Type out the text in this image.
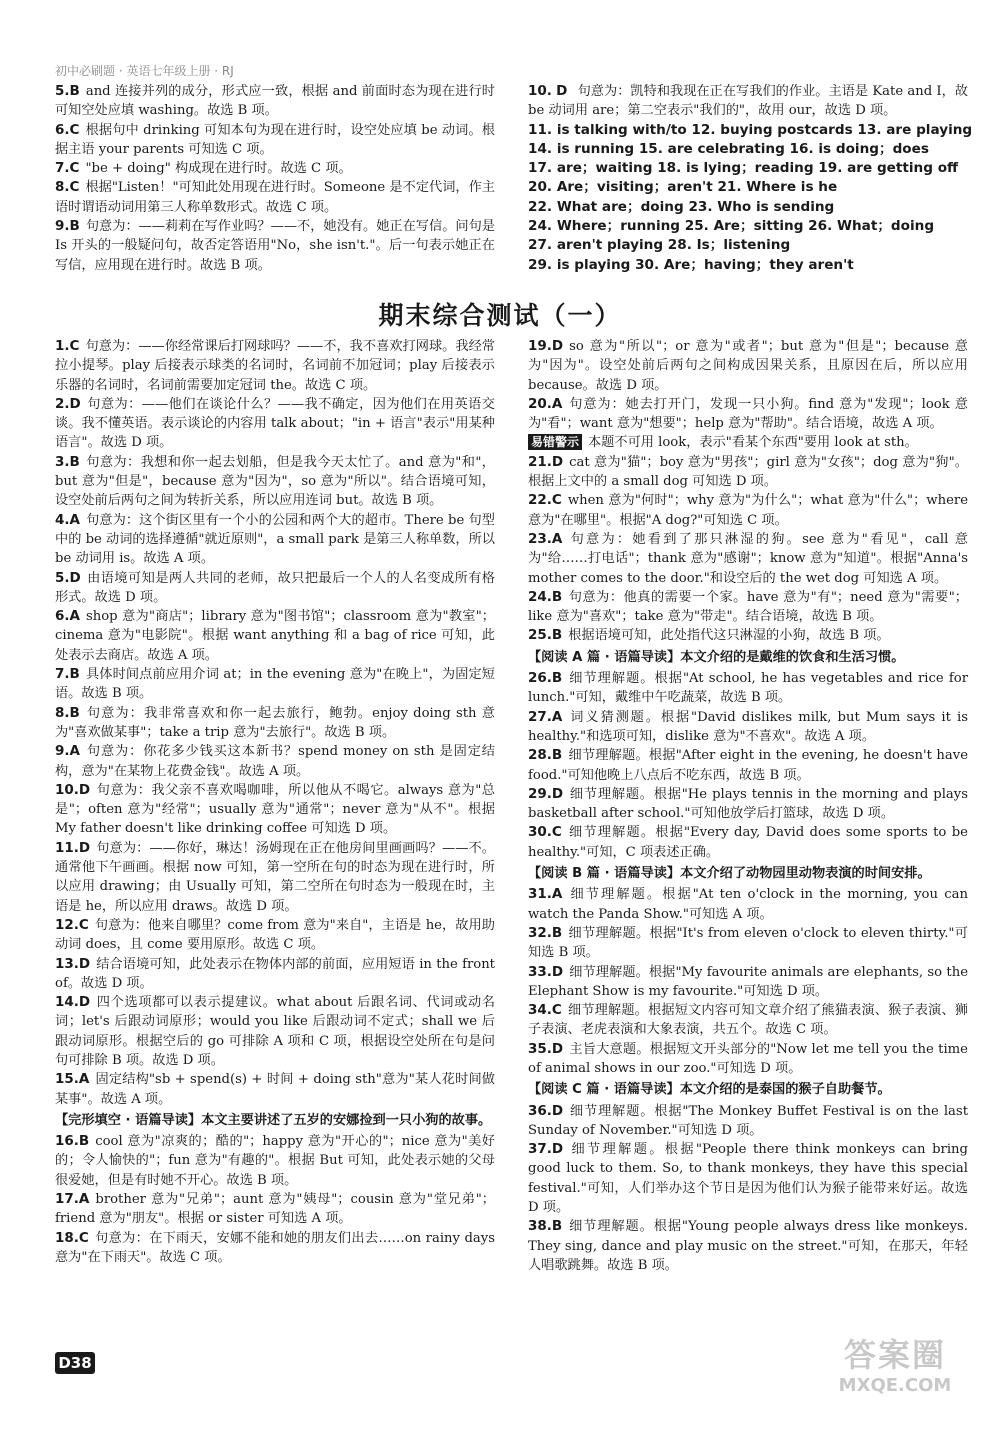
初中必刷题 · 英语七年级上册 · RJ
5.B and 连接并列的成分，形式应一致，根据 and 前面时态为现在进行时可知空处应填 washing。故选 B 项。
6.C 根据句中 drinking 可知本句为现在进行时，设空处应填 be 动词。根据主语 your parents 可知选 C 项。
7.C "be + doing" 构成现在进行时。故选 C 项。
8.C 根据"Listen！"可知此处用现在进行时。Someone 是不定代词，作主语时谓语动词用第三人称单数形式。故选 C 项。
9.B 句意为：——莉莉在写作业吗？——不，她没有。她正在写信。问句是 Is 开头的一般疑问句，故否定答语用"No，she isn't."。后一句表示她正在写信，应用现在进行时。故选 B 项。
10. D 句意为：凯特和我现在正在写我们的作业。主语是 Kate and I，故 be 动词用 are；第二空表示"我们的"，故用 our，故选 D 项。
11. is talking with/to 12. buying postcards 13. are playing
14. is running 15. are celebrating 16. is doing；does
17. are；waiting 18. is lying；reading 19. are getting off
20. Are；visiting；aren't 21. Where is he
22. What are；doing 23. Who is sending
24. Where；running 25. Are；sitting 26. What；doing
27. aren't playing 28. Is；listening
29. is playing 30. Are；having；they aren't
期末综合测试（一）
1.C 句意为：——你经常课后打网球吗？——不，我不喜欢打网球。我经常拉小提琴。play 后接表示球类的名词时，名词前不加冠词；play 后接表示乐器的名词时，名词前需要加定冠词 the。故选 C 项。
2.D 句意为：——他们在谈论什么？——我不确定，因为他们在用英语交谈。我不懂英语。表示谈论的内容用 talk about；"in + 语言"表示"用某种语言"。故选 D 项。
3.B 句意为：我想和你一起去划船，但是我今天太忙了。and 意为"和"，but 意为"但是"，because 意为"因为"，so 意为"所以"。结合语境可知，设空处前后两句之间为转折关系，所以应用连词 but。故选 B 项。
4.A 句意为：这个街区里有一个小的公园和两个大的超市。There be 句型中的 be 动词的选择遵循"就近原则"，a small park 是第三人称单数，所以 be 动词用 is。故选 A 项。
5.D 由语境可知是两人共同的老师，故只把最后一个人的人名变成所有格形式。故选 D 项。
6.A shop 意为"商店"；library 意为"图书馆"；classroom 意为"教室"；cinema 意为"电影院"。根据 want anything 和 a bag of rice 可知，此处表示去商店。故选 A 项。
7.B 具体时间点前应用介词 at；in the evening 意为"在晚上"，为固定短语。故选 B 项。
8.B 句意为：我非常喜欢和你一起去旅行，鲍勃。enjoy doing sth 意为"喜欢做某事"；take a trip 意为"去旅行"。故选 B 项。
9.A 句意为：你花多少钱买这本新书？spend money on sth 是固定结构，意为"在某物上花费金钱"。故选 A 项。
10.D 句意为：我父亲不喜欢喝咖啡，所以他从不喝它。always 意为"总是"；often 意为"经常"；usually 意为"通常"；never 意为"从不"。根据 My father doesn't like drinking coffee 可知选 D 项。
11.D 句意为：——你好，琳达！汤姆现在正在他房间里画画吗？——不。通常他下午画画。根据 now 可知，第一空所在句的时态为现在进行时，所以应用 drawing；由 Usually 可知，第二空所在句时态为一般现在时，主语是 he，所以应用 draws。故选 D 项。
12.C 句意为：他来自哪里？come from 意为"来自"，主语是 he，故用助动词 does，且 come 要用原形。故选 C 项。
13.D 结合语境可知，此处表示在物体内部的前面，应用短语 in the front of。故选 D 项。
14.D 四个选项都可以表示提建议。what about 后跟名词、代词或动名词；let's 后跟动词原形；would you like 后跟动词不定式；shall we 后跟动词原形。根据空后的 go 可排除 A 项和 C 项，根据设空处所在句是问句可排除 B 项。故选 D 项。
15.A 固定结构"sb + spend(s) + 时间 + doing sth"意为"某人花时间做某事"。故选 A 项。
【完形填空 · 语篇导读】本文主要讲述了五岁的安娜捡到一只小狗的故事。
16.B cool 意为"凉爽的；酷的"；happy 意为"开心的"；nice 意为"美好的；令人愉快的"；fun 意为"有趣的"。根据 But 可知，此处表示她的父母很爱她，但是有时她不开心。故选 B 项。
17.A brother 意为"兄弟"；aunt 意为"姨母"；cousin 意为"堂兄弟"；friend 意为"朋友"。根据 or sister 可知选 A 项。
18.C 句意为：在下雨天，安娜不能和她的朋友们出去……on rainy days 意为"在下雨天"。故选 C 项。
19.D so 意为"所以"；or 意为"或者"；but 意为"但是"；because 意为"因为"。设空处前后两句之间构成因果关系，且原因在后，所以应用 because。故选 D 项。
20.A 句意为：她去打开门，发现一只小狗。find 意为"发现"；look 意为"看"；want 意为"想要"；help 意为"帮助"。结合语境，故选 A 项。
易错警示 本题不可用 look，表示"看某个东西"要用 look at sth。
21.D cat 意为"猫"；boy 意为"男孩"；girl 意为"女孩"；dog 意为"狗"。根据上文中的 a small dog 可知选 D 项。
22.C when 意为"何时"；why 意为"为什么"；what 意为"什么"；where 意为"在哪里"。根据"A dog?"可知选 C 项。
23.A 句意为：她看到了那只淋湿的狗。see 意为"看见"，call 意为"给……打电话"；thank 意为"感谢"；know 意为"知道"。根据"Anna's mother comes to the door."和设空后的 the wet dog 可知选 A 项。
24.B 句意为：他真的需要一个家。have 意为"有"；need 意为"需要"；like 意为"喜欢"；take 意为"带走"。结合语境，故选 B 项。
25.B 根据语境可知，此处指代这只淋湿的小狗，故选 B 项。
【阅读 A 篇 · 语篇导读】本文介绍的是戴维的饮食和生活习惯。
26.B 细节理解题。根据"At school, he has vegetables and rice for lunch."可知，戴维中午吃蔬菜，故选 B 项。
27.A 词义猜测题。根据"David dislikes milk, but Mum says it is healthy."和选项可知，dislike 意为"不喜欢"。故选 A 项。
28.B 细节理解题。根据"After eight in the evening, he doesn't have food."可知他晚上八点后不吃东西，故选 B 项。
29.D 细节理解题。根据"He plays tennis in the morning and plays basketball after school."可知他放学后打篮球，故选 D 项。
30.C 细节理解题。根据"Every day, David does some sports to be healthy."可知，C 项表述正确。
【阅读 B 篇 · 语篇导读】本文介绍了动物园里动物表演的时间安排。
31.A 细节理解题。根据"At ten o'clock in the morning, you can watch the Panda Show."可知选 A 项。
32.B 细节理解题。根据"It's from eleven o'clock to eleven thirty."可知选 B 项。
33.D 细节理解题。根据"My favourite animals are elephants, so the Elephant Show is my favourite."可知选 D 项。
34.C 细节理解题。根据短文内容可知文章介绍了熊猫表演、猴子表演、狮子表演、老虎表演和大象表演，共五个。故选 C 项。
35.D 主旨大意题。根据短文开头部分的"Now let me tell you the time of animal shows in our zoo."可知选 D 项。
【阅读 C 篇 · 语篇导读】本文介绍的是泰国的猴子自助餐节。
36.D 细节理解题。根据"The Monkey Buffet Festival is on the last Sunday of November."可知选 D 项。
37.D 细节理解题。根据"People there think monkeys can bring good luck to them. So, to thank monkeys, they have this special festival."可知，人们举办这个节日是因为他们认为猴子能带来好运。故选 D 项。
38.B 细节理解题。根据"Young people always dress like monkeys. They sing, dance and play music on the street."可知，在那天，年轻人唱歌跳舞。故选 B 项。
D38	答案圈
MXQE.COM
